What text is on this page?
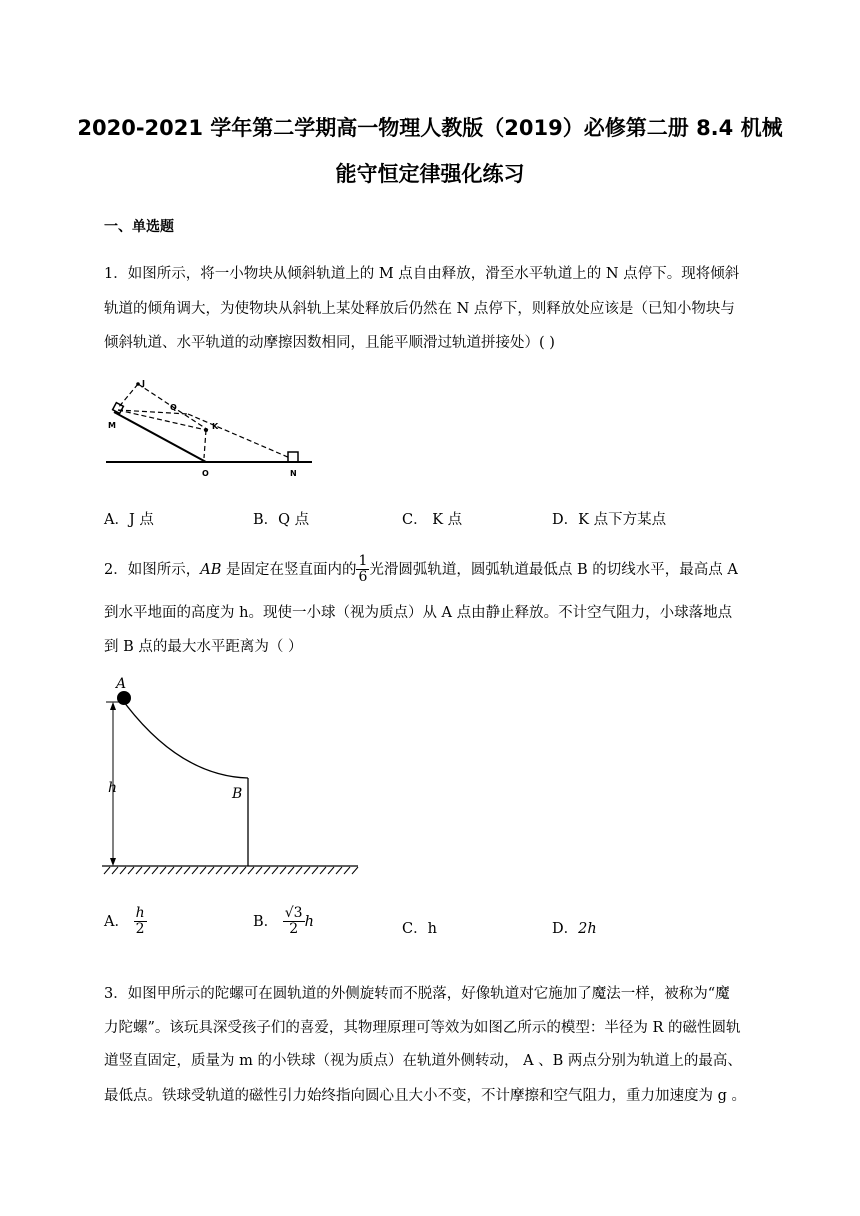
2020-2021 学年第二学期高一物理人教版（2019）必修第二册 8.4 机械
能守恒定律强化练习
一、单选题
1．如图所示，将一小物块从倾斜轨道上的 M 点自由释放，滑至水平轨道上的 N 点停下。现将倾斜
轨道的倾角调大，为使物块从斜轨上某处释放后仍然在 N 点停下，则释放处应该是（已知小物块与
倾斜轨道、水平轨道的动摩擦因数相同，且能平顺滑过轨道拼接处）( )
J
Q
M	K
O	N
A．J 点	B．Q 点	C． K 点	D．K 点下方某点
2．如图所示，AB 是固定在竖直面内的 $\frac{1}{6}$ 光滑圆弧轨道，圆弧轨道最低点 B 的切线水平，最高点 A
到水平地面的高度为 h。现使一小球（视为质点）从 A 点由静止释放。不计空气阻力，小球落地点
到 B 点的最大水平距离为（ ）
A
h	B
A． $\frac{h}{2}$	B． $\frac{√3}{2}$ h	C．h	D．2h
3．如图甲所示的陀螺可在圆轨道的外侧旋转而不脱落，好像轨道对它施加了魔法一样，被称为“魔
力陀螺”。该玩具深受孩子们的喜爱，其物理原理可等效为如图乙所示的模型：半径为 R 的磁性圆轨
道竖直固定，质量为 m 的小铁球（视为质点）在轨道外侧转动， A 、B 两点分别为轨道上的最高、
最低点。铁球受轨道的磁性引力始终指向圆心且大小不变，不计摩擦和空气阻力，重力加速度为 g 。
